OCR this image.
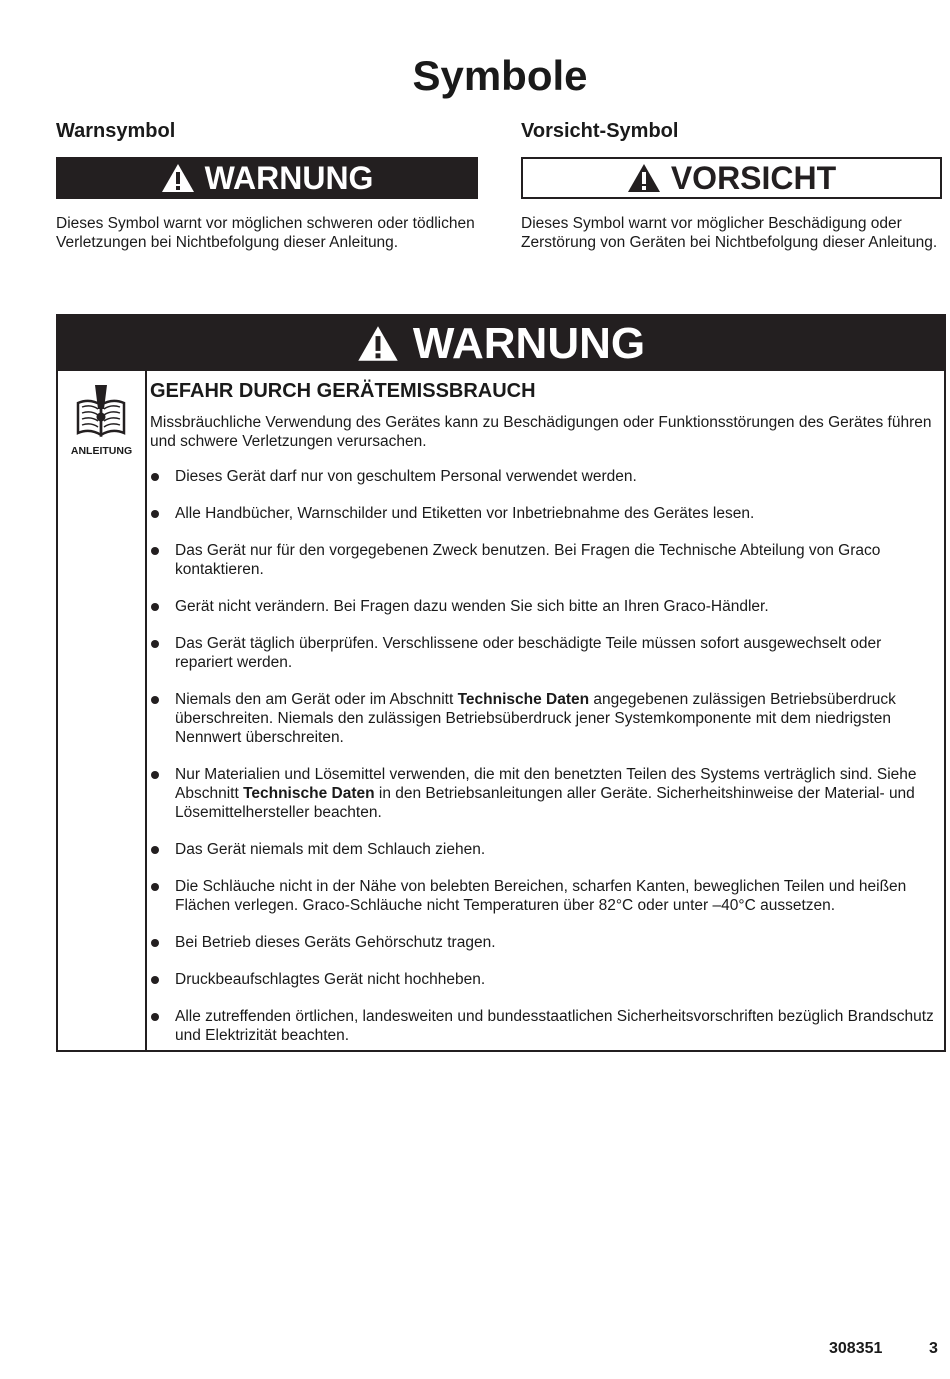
Symbole
Warnsymbol	Vorsicht-Symbol
WARNUNG	VORSICHT
Dieses Symbol warnt vor möglichen schweren oder tödlichen Verletzungen bei Nichtbefolgung dieser Anleitung.
Dieses Symbol warnt vor möglicher Beschädigung oder Zerstörung von Geräten bei Nichtbefolgung dieser Anleitung.
WARNUNG
ANLEITUNG
GEFAHR DURCH GERÄTEMISSBRAUCH
Missbräuchliche Verwendung des Gerätes kann zu Beschädigungen oder Funktionsstörungen des Gerätes führen und schwere Verletzungen verursachen.
Dieses Gerät darf nur von geschultem Personal verwendet werden.
Alle Handbücher, Warnschilder und Etiketten vor Inbetriebnahme des Gerätes lesen.
Das Gerät nur für den vorgegebenen Zweck benutzen. Bei Fragen die Technische Abteilung von Graco kontaktieren.
Gerät nicht verändern. Bei Fragen dazu wenden Sie sich bitte an Ihren Graco-Händler.
Das Gerät täglich überprüfen. Verschlissene oder beschädigte Teile müssen sofort ausgewechselt oder repariert werden.
Niemals den am Gerät oder im Abschnitt Technische Daten angegebenen zulässigen Betriebsüberdruck überschreiten. Niemals den zulässigen Betriebsüberdruck jener Systemkomponente mit dem niedrigsten Nennwert überschreiten.
Nur Materialien und Lösemittel verwenden, die mit den benetzten Teilen des Systems verträglich sind. Siehe Abschnitt Technische Daten in den Betriebsanleitungen aller Geräte. Sicherheitshinweise der Material- und Lösemittelhersteller beachten.
Das Gerät niemals mit dem Schlauch ziehen.
Die Schläuche nicht in der Nähe von belebten Bereichen, scharfen Kanten, beweglichen Teilen und heißen Flächen verlegen. Graco-Schläuche nicht Temperaturen über 82°C oder unter –40°C aussetzen.
Bei Betrieb dieses Geräts Gehörschutz tragen.
Druckbeaufschlagtes Gerät nicht hochheben.
Alle zutreffenden örtlichen, landesweiten und bundesstaatlichen Sicherheitsvorschriften bezüglich Brandschutz und Elektrizität beachten.
308351	3
